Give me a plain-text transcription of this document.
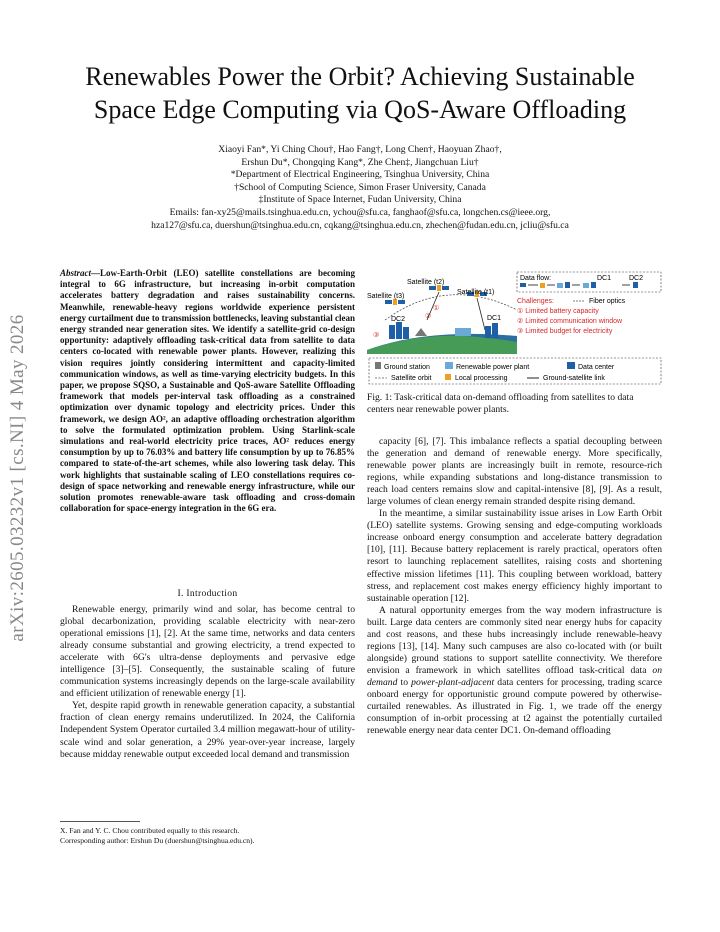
arXiv:2605.03232v1 [cs.NI] 4 May 2026
Renewables Power the Orbit? Achieving Sustainable
Space Edge Computing via QoS-Aware Offloading
Xiaoyi Fan*, Yi Ching Chou†, Hao Fang†, Long Chen†, Haoyuan Zhao†,
Ershun Du*, Chongqing Kang*, Zhe Chen‡, Jiangchuan Liu†
*Department of Electrical Engineering, Tsinghua University, China
†School of Computing Science, Simon Fraser University, Canada
‡Institute of Space Internet, Fudan University, China
Emails: fan-xy25@mails.tsinghua.edu.cn, ychou@sfu.ca, fanghaof@sfu.ca, longchen.cs@ieee.org,
hza127@sfu.ca, duershun@tsinghua.edu.cn, cqkang@tsinghua.edu.cn, zhechen@fudan.edu.cn, jcliu@sfu.ca
Abstract—Low-Earth-Orbit (LEO) satellite constellations are becoming integral to 6G infrastructure, but increasing in-orbit computation accelerates battery degradation and raises sustainability concerns. Meanwhile, renewable-heavy regions worldwide experience persistent energy curtailment due to transmission bottlenecks, leaving substantial clean energy stranded near generation sites. We identify a satellite-grid co-design opportunity: adaptively offloading task-critical data from satellite to data centers co-located with renewable power plants. However, realizing this vision requires jointly considering intermittent and capacity-limited communication windows, as well as time-varying electricity budgets. In this paper, we propose SQSO, a Sustainable and QoS-aware Satellite Offloading framework that models per-interval task offloading as a constrained optimization over dynamic topology and electricity prices. Under this framework, we design AO², an adaptive offloading orchestration algorithm to solve the formulated optimization problem. Using Starlink-scale simulations and real-world electricity price traces, AO² reduces energy consumption by up to 76.03% and battery life consumption by up to 76.85% compared to state-of-the-art schemes, while also lowering task delay. This work highlights that sustainable scaling of LEO constellations requires co-design of space networking and renewable energy infrastructure, while our solution promotes renewable-aware task offloading and cross-domain collaboration for space-energy integration in the 6G era.
I. Introduction

Renewable energy, primarily wind and solar, has become central to global decarbonization, providing scalable electricity with near-zero operational emissions [1], [2]. At the same time, networks and data centers already consume substantial and growing electricity, a trend expected to accelerate with 6G's ultra-dense deployments and pervasive edge intelligence [3]–[5]. Consequently, the sustainable scaling of future communication systems increasingly depends on the large-scale availability and efficient utilization of renewable energy [1].

Yet, despite rapid growth in renewable generation capacity, a substantial fraction of clean energy remains underutilized. In 2024, the California Independent System Operator curtailed 3.4 million megawatt-hour of utility-scale wind and solar generation, a 29% year-over-year increase, largely because midday renewable output exceeded local demand and transmission

X. Fan and Y. C. Chou contributed equally to this research.
Corresponding author: Ershun Du (duershun@tsinghua.edu.cn).
Satellite (t3)
Satellite (t2)
Satellite (t1)
①
②
③
DC2	DC1
Data flow:	DC1	DC2
Challenges:	Fiber optics
① Limited battery capacity
② Limited communication window
③ Limited budget for electricity
Ground station	Renewable power plant	Data center
Satellite orbit	Local processing	Ground-satellite link
Fig. 1: Task-critical data on-demand offloading from satellites to data centers near renewable power plants.

capacity [6], [7]. This imbalance reflects a spatial decoupling between the generation and demand of renewable energy. More specifically, renewable power plants are increasingly built in remote, resource-rich regions, while expanding substations and long-distance transmission to reach load centers remains slow and capital-intensive [8], [9]. As a result, large volumes of clean energy remain stranded despite rising demand.

In the meantime, a similar sustainability issue arises in Low Earth Orbit (LEO) satellite systems. Growing sensing and edge-computing workloads increase onboard energy consumption and accelerate battery degradation [10], [11]. Because battery replacement is rarely practical, operators often resort to launching replacement satellites, raising costs and shortening effective mission lifetimes [11]. This coupling between workload, battery stress, and replacement cost makes energy efficiency highly important to sustainable operation [12].

A natural opportunity emerges from the way modern infrastructure is built. Large data centers are commonly sited near energy hubs for capacity and cost reasons, and these hubs increasingly include renewable-heavy regions [13], [14]. Many such campuses are also co-located with (or built alongside) ground stations to support satellite connectivity. We therefore envision a framework in which satellites offload task-critical data on demand to power-plant-adjacent data centers for processing, trading scarce onboard energy for opportunistic ground compute powered by otherwise-curtailed renewables. As illustrated in Fig. 1, we trade off the energy consumption of in-orbit processing at t2 against the potentially curtailed renewable energy near data center DC1. On-demand offloading
